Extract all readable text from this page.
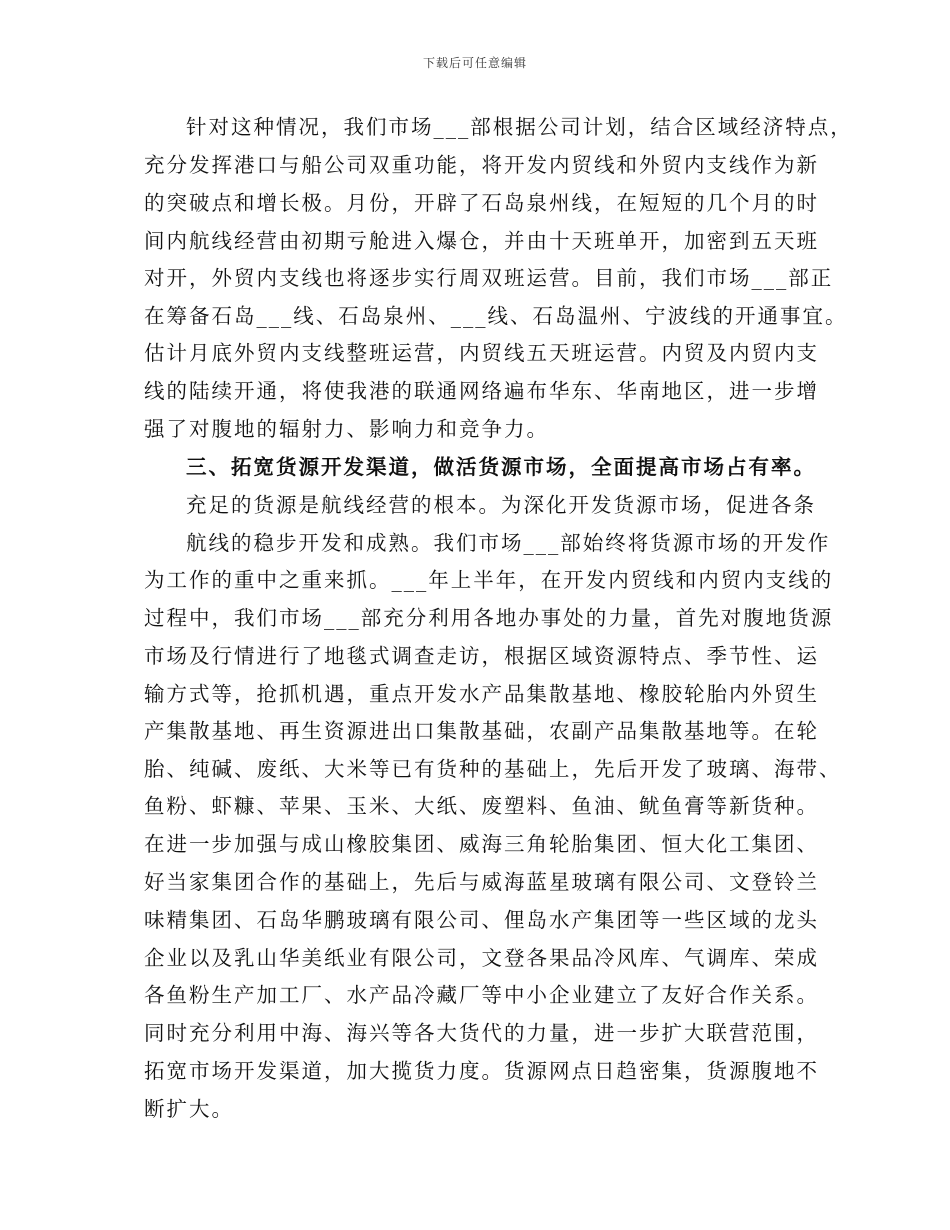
下载后可任意编辑
针对这种情况，我们市场___部根据公司计划，结合区域经济特点，
充分发挥港口与船公司双重功能，将开发内贸线和外贸内支线作为新
的突破点和增长极。月份，开辟了石岛泉州线，在短短的几个月的时
间内航线经营由初期亏舱进入爆仓，并由十天班单开，加密到五天班
对开，外贸内支线也将逐步实行周双班运营。目前，我们市场___部正
在筹备石岛___线、石岛泉州、___线、石岛温州、宁波线的开通事宜。
估计月底外贸内支线整班运营，内贸线五天班运营。内贸及内贸内支
线的陆续开通，将使我港的联通网络遍布华东、华南地区，进一步增
强了对腹地的辐射力、影响力和竞争力。
三、拓宽货源开发渠道，做活货源市场，全面提高市场占有率。
充足的货源是航线经营的根本。为深化开发货源市场，促进各条
航线的稳步开发和成熟。我们市场___部始终将货源市场的开发作
为工作的重中之重来抓。___年上半年，在开发内贸线和内贸内支线的
过程中，我们市场___部充分利用各地办事处的力量，首先对腹地货源
市场及行情进行了地毯式调查走访，根据区域资源特点、季节性、运
输方式等，抢抓机遇，重点开发水产品集散基地、橡胶轮胎内外贸生
产集散基地、再生资源进出口集散基础，农副产品集散基地等。在轮
胎、纯碱、废纸、大米等已有货种的基础上，先后开发了玻璃、海带、
鱼粉、虾糠、苹果、玉米、大纸、废塑料、鱼油、鱿鱼膏等新货种。
在进一步加强与成山橡胶集团、威海三角轮胎集团、恒大化工集团、
好当家集团合作的基础上，先后与威海蓝星玻璃有限公司、文登铃兰
味精集团、石岛华鹏玻璃有限公司、俚岛水产集团等一些区域的龙头
企业以及乳山华美纸业有限公司，文登各果品冷风库、气调库、荣成
各鱼粉生产加工厂、水产品冷藏厂等中小企业建立了友好合作关系。
同时充分利用中海、海兴等各大货代的力量，进一步扩大联营范围，
拓宽市场开发渠道，加大揽货力度。货源网点日趋密集，货源腹地不
断扩大。
